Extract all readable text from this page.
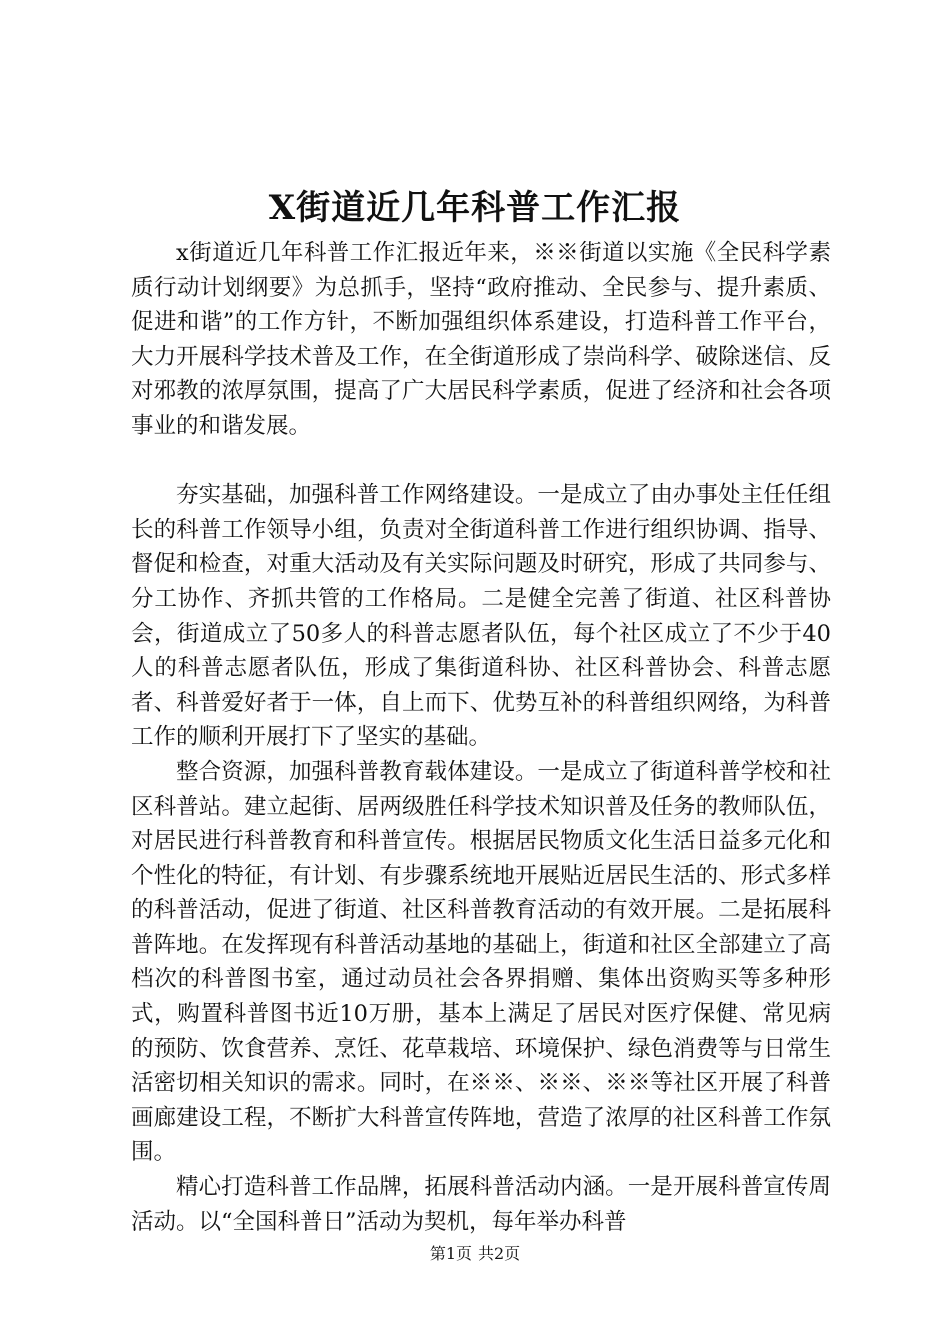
X街道近几年科普工作汇报

x街道近几年科普工作汇报近年来，※※街道以实施《全民科学素质行动计划纲要》为总抓手，坚持“政府推动、全民参与、提升素质、促进和谐”的工作方针，不断加强组织体系建设，打造科普工作平台，大力开展科学技术普及工作，在全街道形成了崇尚科学、破除迷信、反对邪教的浓厚氛围，提高了广大居民科学素质，促进了经济和社会各项事业的和谐发展。

夯实基础，加强科普工作网络建设。一是成立了由办事处主任任组长的科普工作领导小组，负责对全街道科普工作进行组织协调、指导、督促和检查，对重大活动及有关实际问题及时研究，形成了共同参与、分工协作、齐抓共管的工作格局。二是健全完善了街道、社区科普协会，街道成立了50多人的科普志愿者队伍，每个社区成立了不少于40人的科普志愿者队伍，形成了集街道科协、社区科普协会、科普志愿者、科普爱好者于一体，自上而下、优势互补的科普组织网络，为科普工作的顺利开展打下了坚实的基础。

整合资源，加强科普教育载体建设。一是成立了街道科普学校和社区科普站。建立起街、居两级胜任科学技术知识普及任务的教师队伍，对居民进行科普教育和科普宣传。根据居民物质文化生活日益多元化和个性化的特征，有计划、有步骤系统地开展贴近居民生活的、形式多样的科普活动，促进了街道、社区科普教育活动的有效开展。二是拓展科普阵地。在发挥现有科普活动基地的基础上，街道和社区全部建立了高档次的科普图书室，通过动员社会各界捐赠、集体出资购买等多种形式，购置科普图书近10万册，基本上满足了居民对医疗保健、常见病的预防、饮食营养、烹饪、花草栽培、环境保护、绿色消费等与日常生活密切相关知识的需求。同时，在※※、※※、※※等社区开展了科普画廊建设工程，不断扩大科普宣传阵地，营造了浓厚的社区科普工作氛围。

精心打造科普工作品牌，拓展科普活动内涵。一是开展科普宣传周活动。以“全国科普日”活动为契机，每年举办科普

第1页 共2页
